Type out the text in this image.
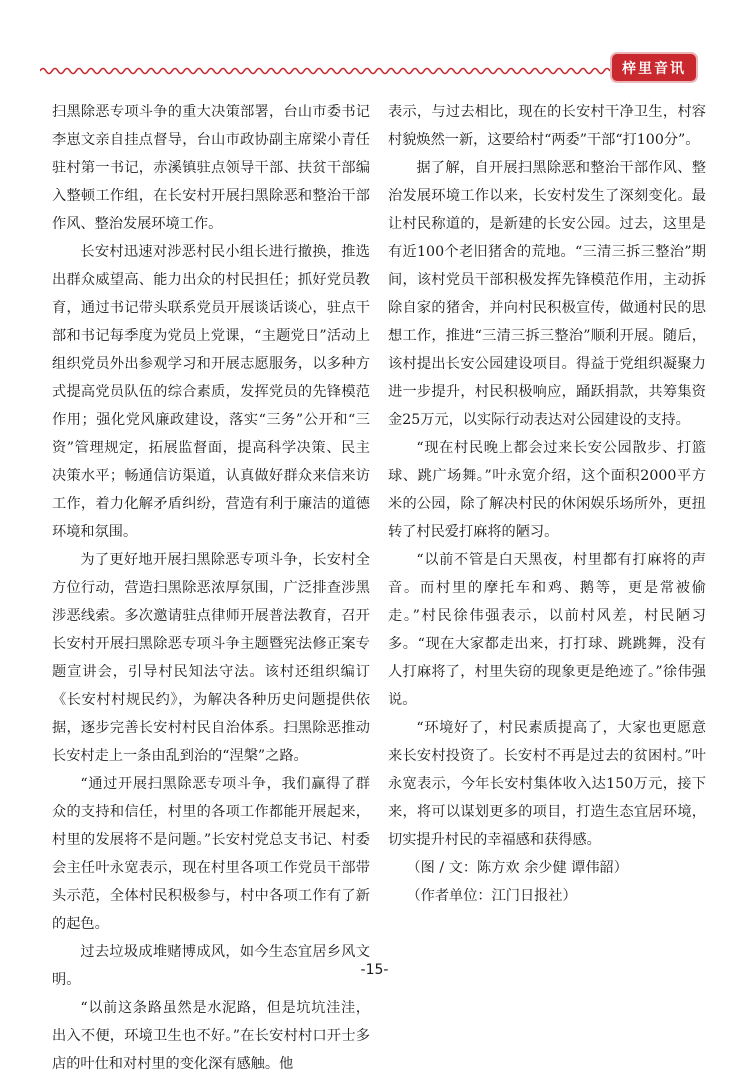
梓里音讯

扫黑除恶专项斗争的重大决策部署，台山市委书记李崽文亲自挂点督导，台山市政协副主席梁小青任驻村第一书记，赤溪镇驻点领导干部、扶贫干部编入整顿工作组，在长安村开展扫黑除恶和整治干部作风、整治发展环境工作。

长安村迅速对涉恶村民小组长进行撤换，推选出群众威望高、能力出众的村民担任；抓好党员教育，通过书记带头联系党员开展谈话谈心，驻点干部和书记每季度为党员上党课，“主题党日”活动上组织党员外出参观学习和开展志愿服务，以多种方式提高党员队伍的综合素质，发挥党员的先锋模范作用；强化党风廉政建设，落实“三务”公开和“三资”管理规定，拓展监督面，提高科学决策、民主决策水平；畅通信访渠道，认真做好群众来信来访工作，着力化解矛盾纠纷，营造有利于廉洁的道德环境和氛围。

为了更好地开展扫黑除恶专项斗争，长安村全方位行动，营造扫黑除恶浓厚氛围，广泛排查涉黑涉恶线索。多次邀请驻点律师开展普法教育，召开长安村开展扫黑除恶专项斗争主题暨宪法修正案专题宣讲会，引导村民知法守法。该村还组织编订《长安村村规民约》，为解决各种历史问题提供依据，逐步完善长安村村民自治体系。扫黑除恶推动长安村走上一条由乱到治的“涅槃”之路。

“通过开展扫黑除恶专项斗争，我们赢得了群众的支持和信任，村里的各项工作都能开展起来，村里的发展将不是问题。”长安村党总支书记、村委会主任叶永宽表示，现在村里各项工作党员干部带头示范，全体村民积极参与，村中各项工作有了新的起色。

过去垃圾成堆赌博成风，如今生态宜居乡风文明。

“以前这条路虽然是水泥路，但是坑坑洼洼，出入不便，环境卫生也不好。”在长安村村口开士多店的叶仕和对村里的变化深有感触。他

表示，与过去相比，现在的长安村干净卫生，村容村貌焕然一新，这要给村“两委”干部“打100分”。

据了解，自开展扫黑除恶和整治干部作风、整治发展环境工作以来，长安村发生了深刻变化。最让村民称道的，是新建的长安公园。过去，这里是有近100个老旧猪舍的荒地。“三清三拆三整治”期间，该村党员干部积极发挥先锋模范作用，主动拆除自家的猪舍，并向村民积极宣传，做通村民的思想工作，推进“三清三拆三整治”顺利开展。随后，该村提出长安公园建设项目。得益于党组织凝聚力进一步提升，村民积极响应，踊跃捐款，共筹集资金25万元，以实际行动表达对公园建设的支持。

“现在村民晚上都会过来长安公园散步、打篮球、跳广场舞。”叶永宽介绍，这个面积2000平方米的公园，除了解决村民的休闲娱乐场所外，更扭转了村民爱打麻将的陋习。

“以前不管是白天黑夜，村里都有打麻将的声音。而村里的摩托车和鸡、鹅等，更是常被偷走。”村民徐伟强表示，以前村风差，村民陋习多。“现在大家都走出来，打打球、跳跳舞，没有人打麻将了，村里失窃的现象更是绝迹了。”徐伟强说。

“环境好了，村民素质提高了，大家也更愿意来长安村投资了。长安村不再是过去的贫困村。”叶永宽表示，今年长安村集体收入达150万元，接下来，将可以谋划更多的项目，打造生态宜居环境，切实提升村民的幸福感和获得感。

（图 / 文：陈方欢 余少健 谭伟韶）

（作者单位：江门日报社）

-15-
